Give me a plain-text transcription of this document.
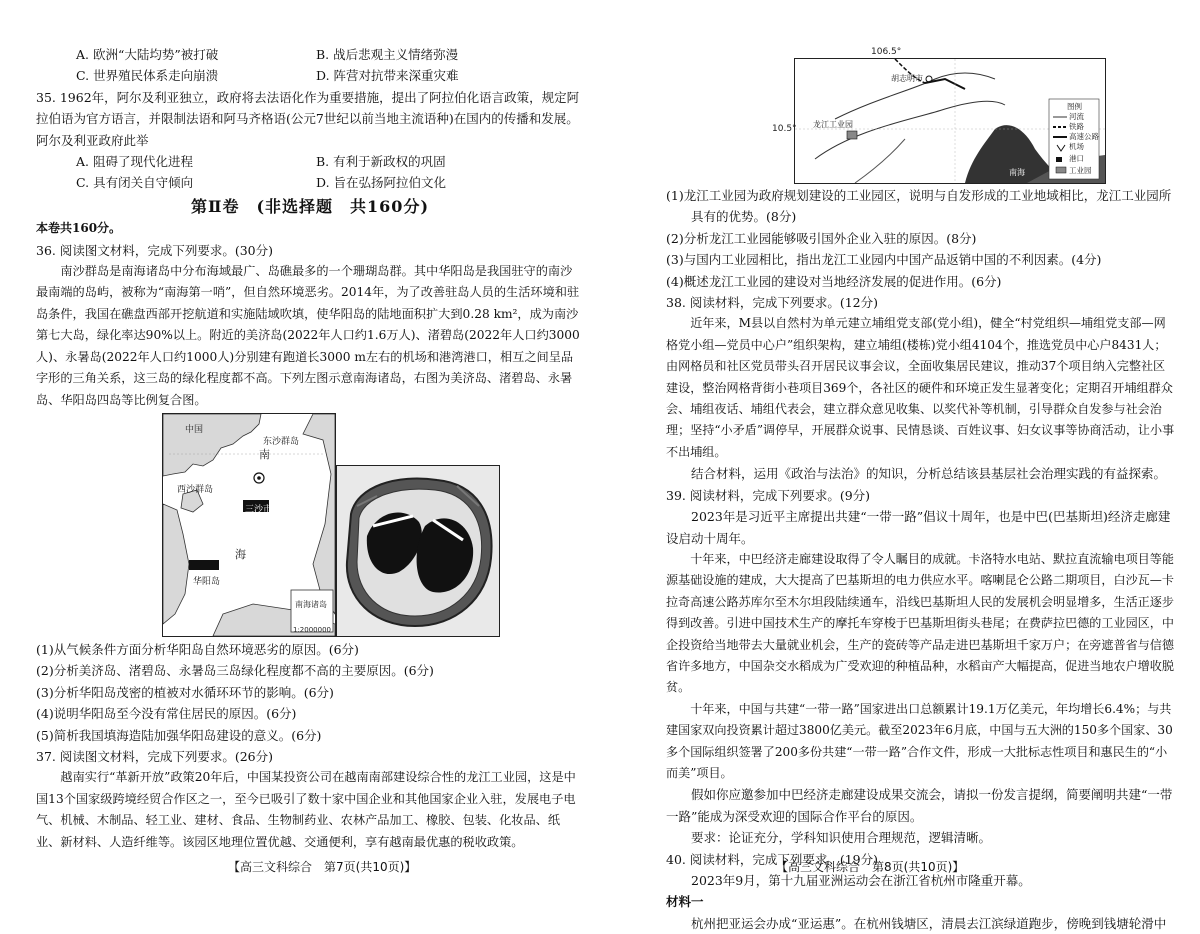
A. 欧洲“大陆均势”被打破	B. 战后悲观主义情绪弥漫
C. 世界殖民体系走向崩溃	D. 阵营对抗带来深重灾难

35. 1962年，阿尔及利亚独立，政府将去法语化作为重要措施，提出了阿拉伯化语言政策，规定阿拉伯语为官方语言，并限制法语和阿马齐格语(公元7世纪以前当地主流语种)在国内的传播和发展。阿尔及利亚政府此举

A. 阻碍了现代化进程	B. 有利于新政权的巩固
C. 具有闭关自守倾向	D. 旨在弘扬阿拉伯文化
第Ⅱ卷　(非选择题　共160分)

本卷共160分。

36. 阅读图文材料，完成下列要求。(30分)

南沙群岛是南海诸岛中分布海域最广、岛礁最多的一个珊瑚岛群。其中华阳岛是我国驻守的南沙最南端的岛屿，被称为“南海第一哨”，但自然环境恶劣。2014年，为了改善驻岛人员的生活环境和驻岛条件，我国在礁盘西部开挖航道和实施陆域吹填，使华阳岛的陆地面积扩大到0.28 km²，成为南沙第七大岛，绿化率达90%以上。附近的美济岛(2022年人口约1.6万人)、渚碧岛(2022年人口约3000人)、永暑岛(2022年人口约1000人)分别建有跑道长3000 m左右的机场和港湾港口，相互之间呈品字形的三角关系，这三岛的绿化程度都不高。下列左图示意南海诸岛，右图为美济岛、渚碧岛、永暑岛、华阳岛四岛等比例复合图。

中国
东沙群岛
西沙群岛
南
海
三沙市
华阳岛
南海诸岛
1:2000000

(1)从气候条件方面分析华阳岛自然环境恶劣的原因。(6分)

(2)分析美济岛、渚碧岛、永暑岛三岛绿化程度都不高的主要原因。(6分)

(3)分析华阳岛茂密的植被对水循环环节的影响。(6分)

(4)说明华阳岛至今没有常住居民的原因。(6分)

(5)简析我国填海造陆加强华阳岛建设的意义。(6分)

37. 阅读图文材料，完成下列要求。(26分)

越南实行“革新开放”政策20年后，中国某投资公司在越南南部建设综合性的龙江工业园，这是中国13个国家级跨境经贸合作区之一，至今已吸引了数十家中国企业和其他国家企业入驻，发展电子电气、机械、木制品、轻工业、建材、食品、生物制药业、农林产品加工、橡胶、包装、化妆品、纸业、新材料、人造纤维等。该园区地理位置优越、交通便利，享有越南最优惠的税收政策。

【高三文科综合　第7页(共10页)】
106.5°
胡志明市
龙江工业园
南海
图例
河流
铁路
高速公路
机场
港口
工业园
10.5°

(1)龙江工业园为政府规划建设的工业园区，说明与自发形成的工业地域相比，龙江工业园所具有的优势。(8分)

(2)分析龙江工业园能够吸引国外企业入驻的原因。(8分)

(3)与国内工业园相比，指出龙江工业园内中国产品返销中国的不利因素。(4分)

(4)概述龙江工业园的建设对当地经济发展的促进作用。(6分)

38. 阅读材料，完成下列要求。(12分)

近年来，M县以自然村为单元建立埔组党支部(党小组)，健全“村党组织—埔组党支部—网格党小组—党员中心户”组织架构，建立埔组(楼栋)党小组4104个，推选党员中心户8431人；由网格员和社区党员带头召开居民议事会议，全面收集居民建议，推动37个项目纳入完整社区建设，整治网格背街小巷项目369个，各社区的硬件和环境正发生显著变化；定期召开埔组群众会、埔组夜话、埔组代表会，建立群众意见收集、以奖代补等机制，引导群众自发参与社会治理；坚持“小矛盾”调停早，开展群众说事、民情恳谈、百姓议事、妇女议事等协商活动，让小事不出埔组。

结合材料，运用《政治与法治》的知识，分析总结该县基层社会治理实践的有益探索。

39. 阅读材料，完成下列要求。(9分)

2023年是习近平主席提出共建“一带一路”倡议十周年，也是中巴(巴基斯坦)经济走廊建设启动十周年。

十年来，中巴经济走廊建设取得了令人瞩目的成就。卡洛特水电站、默拉直流输电项目等能源基础设施的建成，大大提高了巴基斯坦的电力供应水平。喀喇昆仑公路二期项目，白沙瓦—卡拉奇高速公路苏库尔至木尔坦段陆续通车，沿线巴基斯坦人民的发展机会明显增多，生活正逐步得到改善。引进中国技术生产的摩托车穿梭于巴基斯坦街头巷尾；在费萨拉巴德的工业园区，中企投资给当地带去大量就业机会，生产的瓷砖等产品走进巴基斯坦千家万户；在旁遮普省与信德省许多地方，中国杂交水稻成为广受欢迎的种植品种，水稻亩产大幅提高，促进当地农户增收脱贫。

十年来，中国与共建“一带一路”国家进出口总额累计19.1万亿美元，年均增长6.4%；与共建国家双向投资累计超过3800亿美元。截至2023年6月底，中国与五大洲的150多个国家、30多个国际组织签署了200多份共建“一带一路”合作文件，形成一大批标志性项目和惠民生的“小而美”项目。

假如你应邀参加中巴经济走廊建设成果交流会，请拟一份发言提纲，简要阐明共建“一带一路”能成为深受欢迎的国际合作平台的原因。

要求：论证充分，学科知识使用合理规范，逻辑清晰。

40. 阅读材料，完成下列要求。(19分)

2023年9月，第十九届亚洲运动会在浙江省杭州市隆重开幕。

材料一

杭州把亚运会办成“亚运惠”。在杭州钱塘区，清晨去江滨绿道跑步，傍晚到钱塘轮滑中

【高三文科综合　第8页(共10页)】
